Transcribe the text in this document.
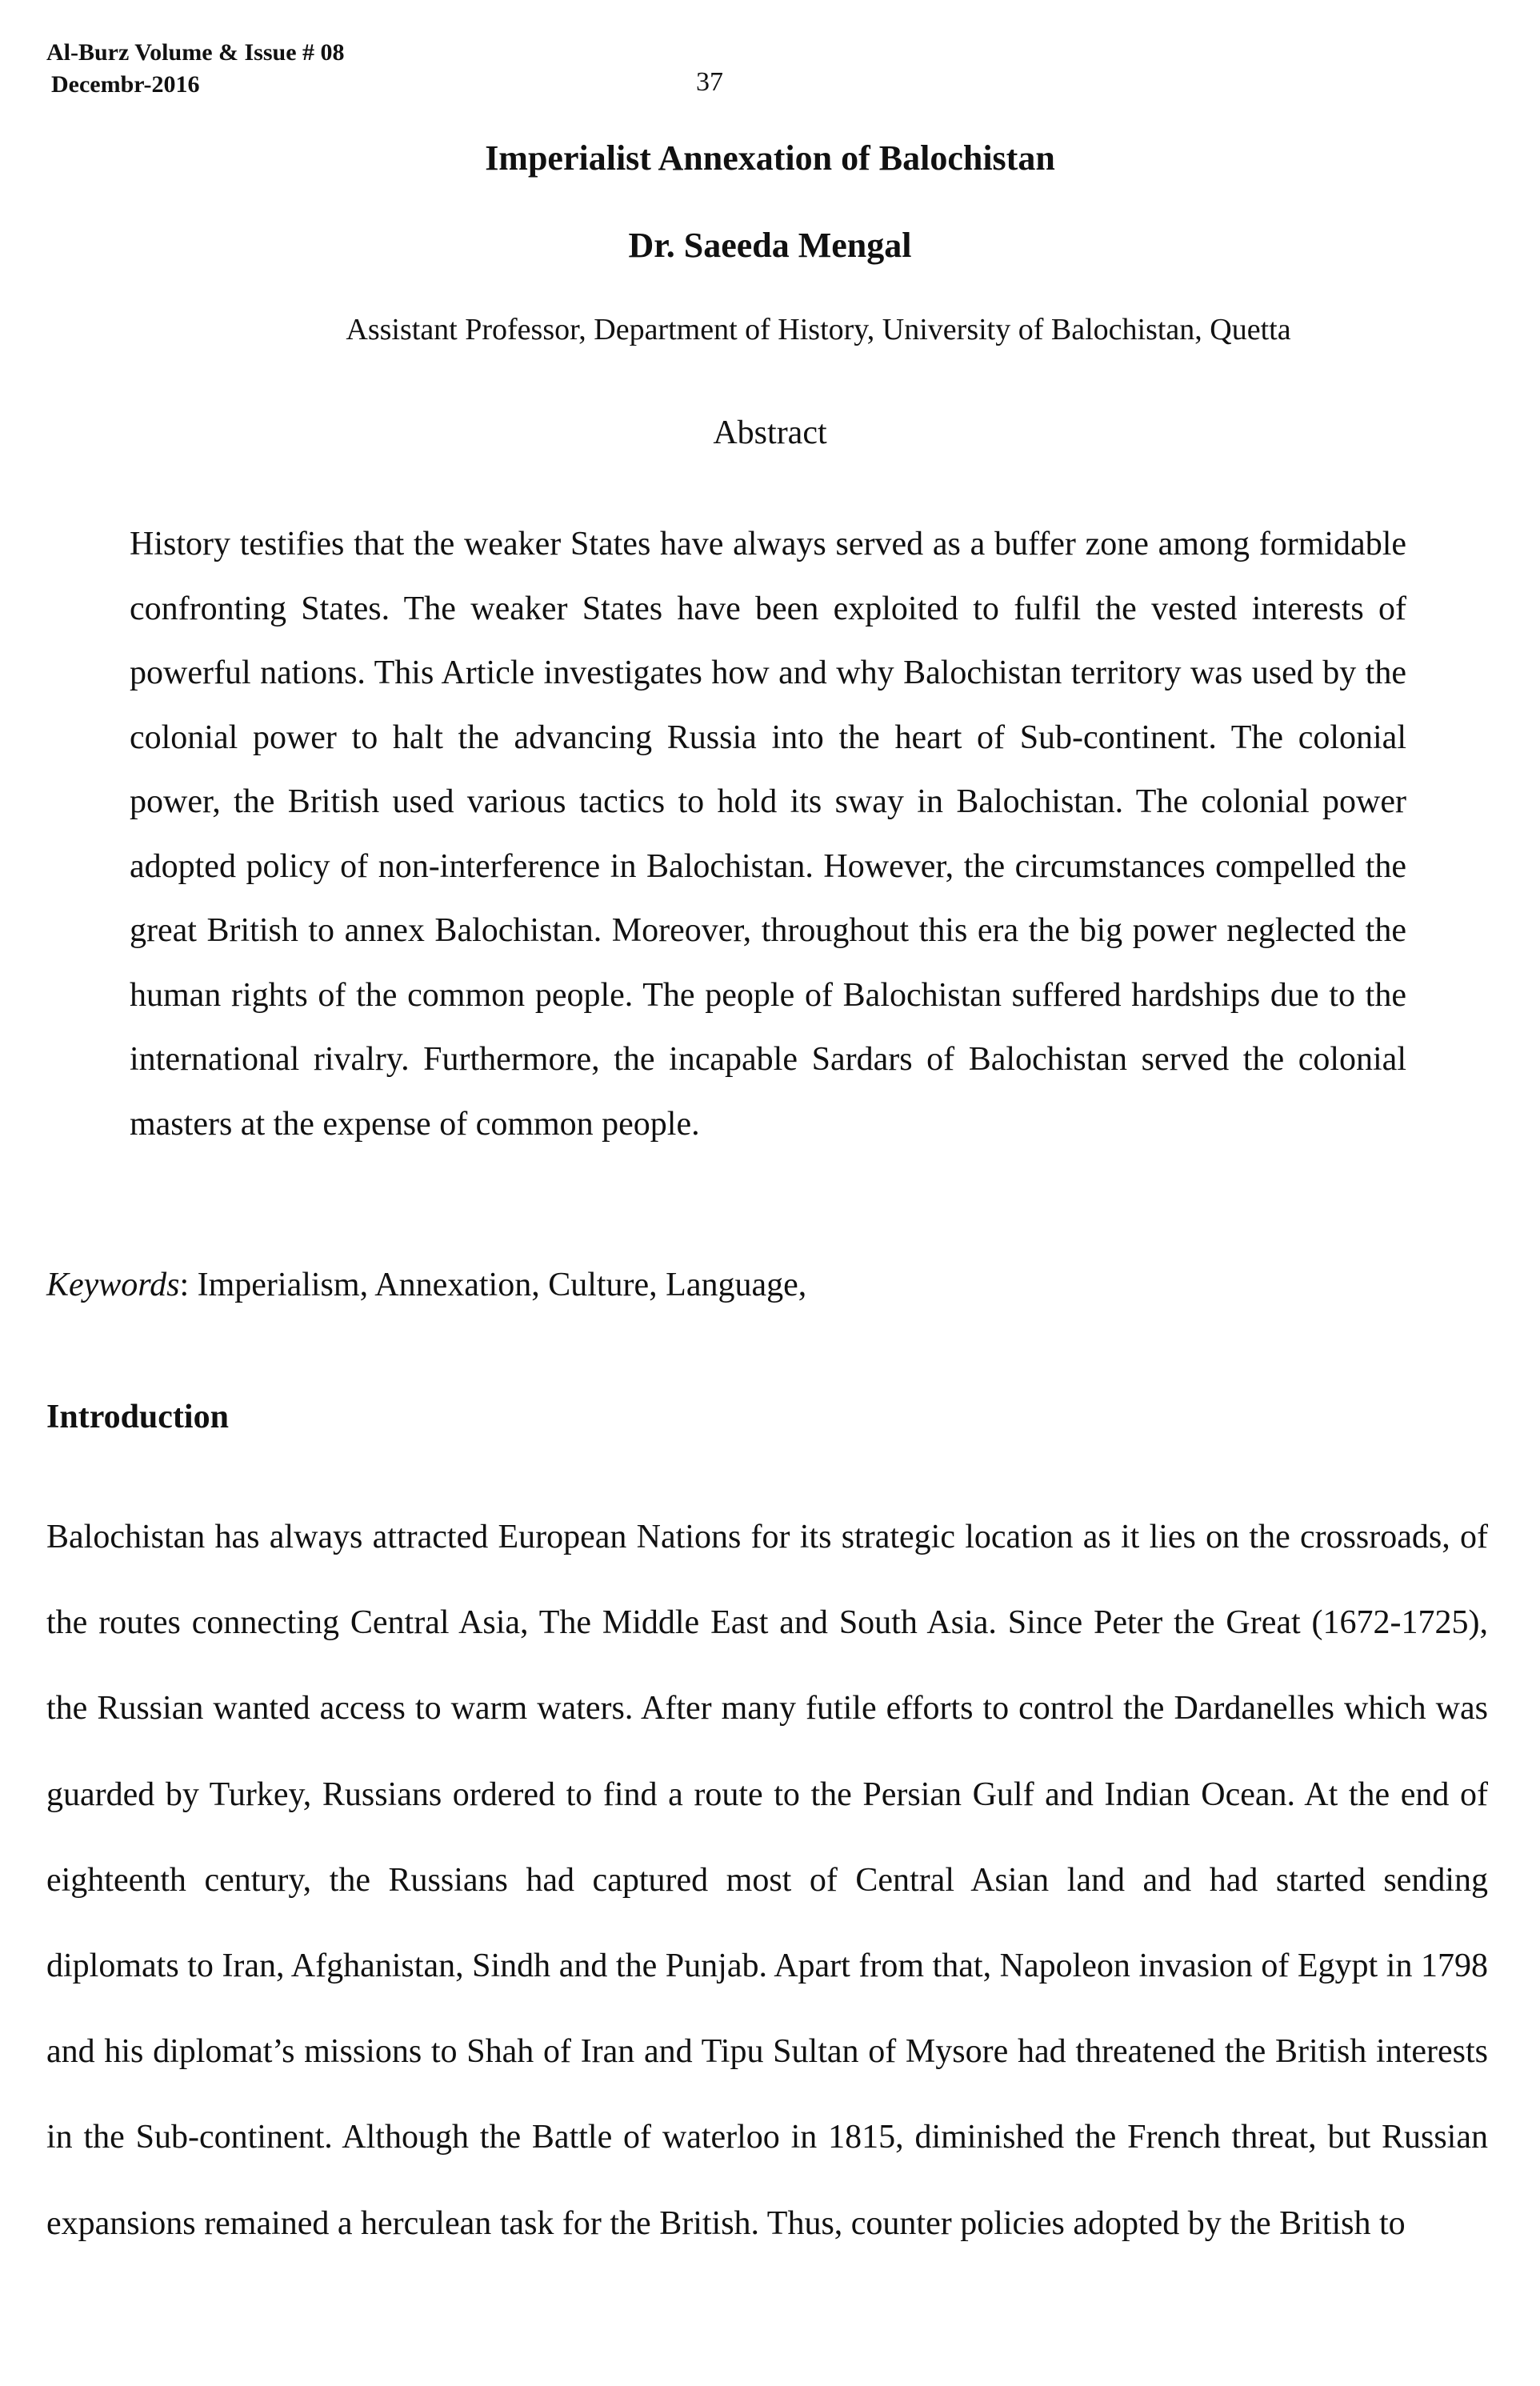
Al-Burz Volume & Issue # 08
Decembr-2016	37
Imperialist Annexation of Balochistan
Dr. Saeeda Mengal
Assistant Professor, Department of History, University of Balochistan, Quetta
Abstract
History testifies that the weaker States have always served as a buffer zone among formidable confronting States. The weaker States have been exploited to fulfil the vested interests of powerful nations. This Article investigates how and why Balochistan territory was used by the colonial power to halt the advancing Russia into the heart of Sub-continent. The colonial power, the British used various tactics to hold its sway in Balochistan. The colonial power adopted policy of non-interference in Balochistan. However, the circumstances compelled the great British to annex Balochistan. Moreover, throughout this era the big power neglected the human rights of the common people. The people of Balochistan suffered hardships due to the international rivalry. Furthermore, the incapable Sardars of Balochistan served the colonial masters at the expense of common people.
Keywords: Imperialism, Annexation, Culture, Language,
Introduction
Balochistan has always attracted European Nations for its strategic location as it lies on the crossroads, of the routes connecting Central Asia, The Middle East and South Asia. Since Peter the Great (1672-1725), the Russian wanted access to warm waters. After many futile efforts to control the Dardanelles which was guarded by Turkey, Russians ordered to find a route to the Persian Gulf and Indian Ocean. At the end of eighteenth century, the Russians had captured most of Central Asian land and had started sending diplomats to Iran, Afghanistan, Sindh and the Punjab. Apart from that, Napoleon invasion of Egypt in 1798 and his diplomat’s missions to Shah of Iran and Tipu Sultan of Mysore had threatened the British interests in the Sub-continent. Although the Battle of waterloo in 1815, diminished the French threat, but Russian expansions remained a herculean task for the British. Thus, counter policies adopted by the British to
